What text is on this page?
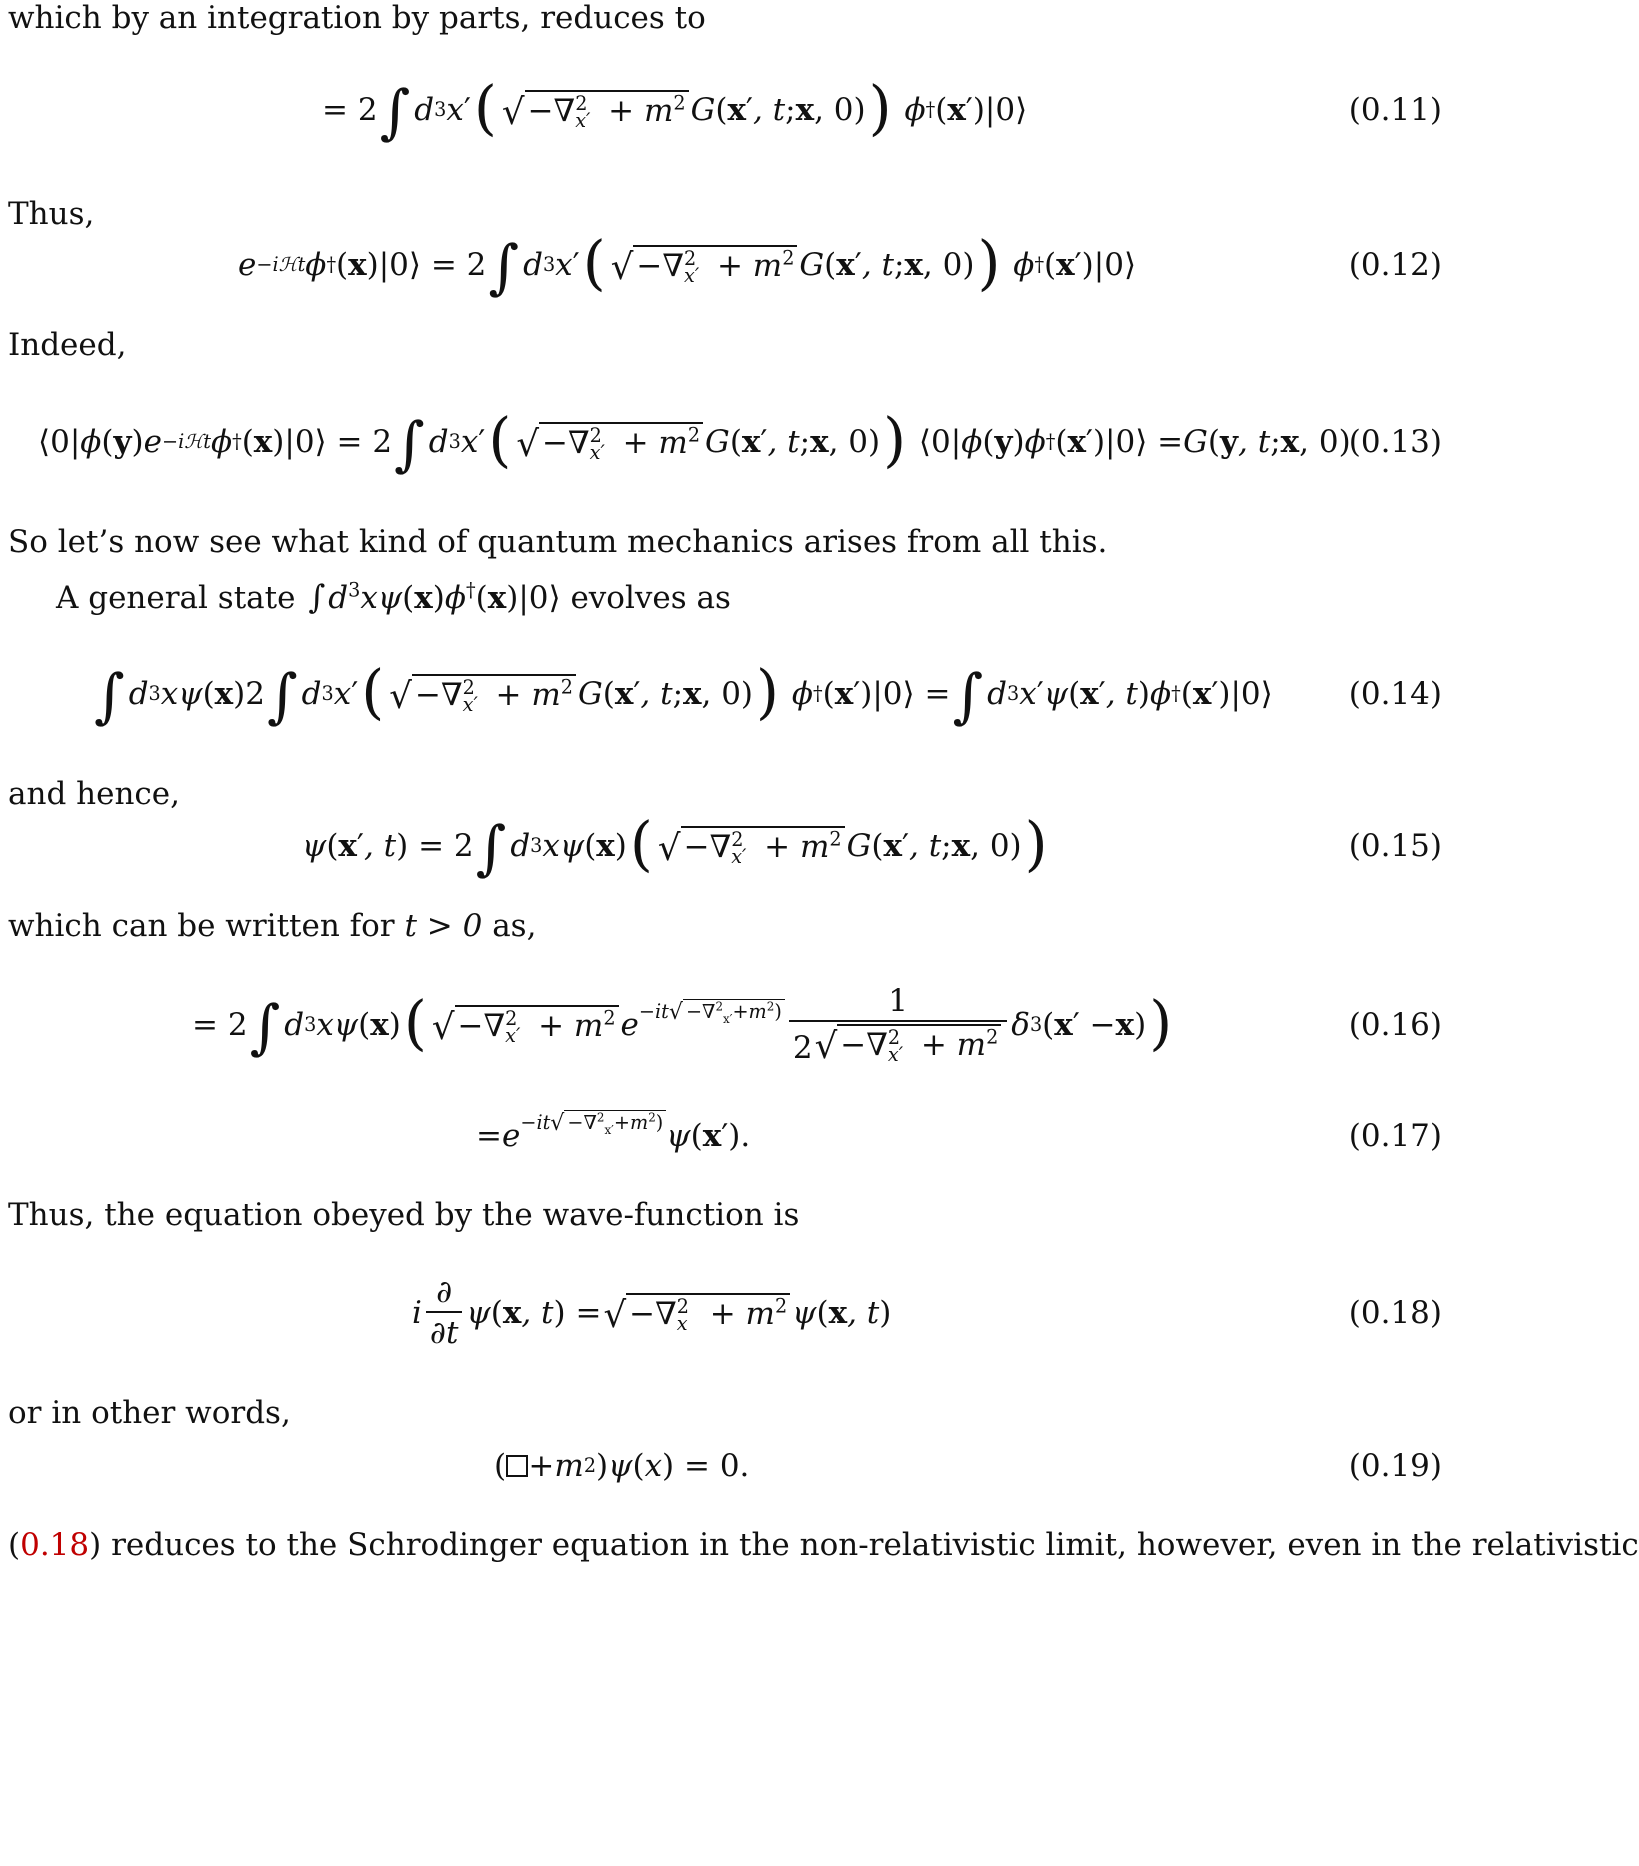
which by an integration by parts, reduces to
= 2 ∫ d 3 x ′ ( √ −∇ 2
$x' + m^2$ G ( x ′ , t ; x , 0) )
ϕ † ( x ′)|0⟩	(0.11)
Thus,
e −iℋt ϕ † ( x )|0⟩ = 2 ∫ d 3 x ′ ( √ −∇ 2
$x' + m^2$ G ( x ′ , t ; x , 0) )
ϕ † ( x ′)|0⟩	(0.12)
Indeed,
⟨0| ϕ ( y ) e −iℋt ϕ † ( x )|0⟩ = 2 ∫ d 3 x ′ ( √ −∇ 2
$x' + m^2$ G ( x ′ , t ; x , 0) ) ⟨0| ϕ ( y ) ϕ † ( x ′)|0⟩ = G ( y , t ; x , 0)
(0.13)
So let’s now see what kind of quantum mechanics arises from all this.
A general state $\int d^3x\psi(x)\phi^\dagger(x)|0⟩$ evolves as
∫ d 3 xψ ( x )2 ∫ d 3 x ′ ( √ −∇ 2
$x' + m^2$ G ( x ′ , t ; x , 0) )
ϕ † ( x ′)|0⟩ = ∫ d 3 x ′ ψ ( x ′ , t ) ϕ † ( x ′)|0⟩ (0.14)
and hence,
ψ ( x ′ , t ) = 2 ∫ d 3 xψ ( x ) ( √ −∇ 2
$x' + m^2$ G ( x ′ , t ; x , 0) )	(0.15)
which can be written for t > 0 as,
= 2 ∫ d 3 xψ ( x ) ( √ −∇ 2
$x' + m^2$ e − it √ $-\nabla^2_{x'}+m^2$) 1
2 √ −∇ 2
$x' + m^2$ δ 3 ( x ′ − x ) )	(0.16)
= e − it √ $-\nabla^2_{x'}+m^2$) ψ ( x ′).	(0.17)
Thus, the equation obeyed by the wave-function is
i $\frac{\partial}{\partial t}$ ψ ( x , t ) = √ −∇ 2
$x + m^2$ ψ ( x , t )	(0.18)
or in other words,
(
+ m 2 ) ψ ( x ) = 0.	(0.19)
(0.18) reduces to the Schrodinger equation in the non-relativistic limit, however, even in the relativistic
